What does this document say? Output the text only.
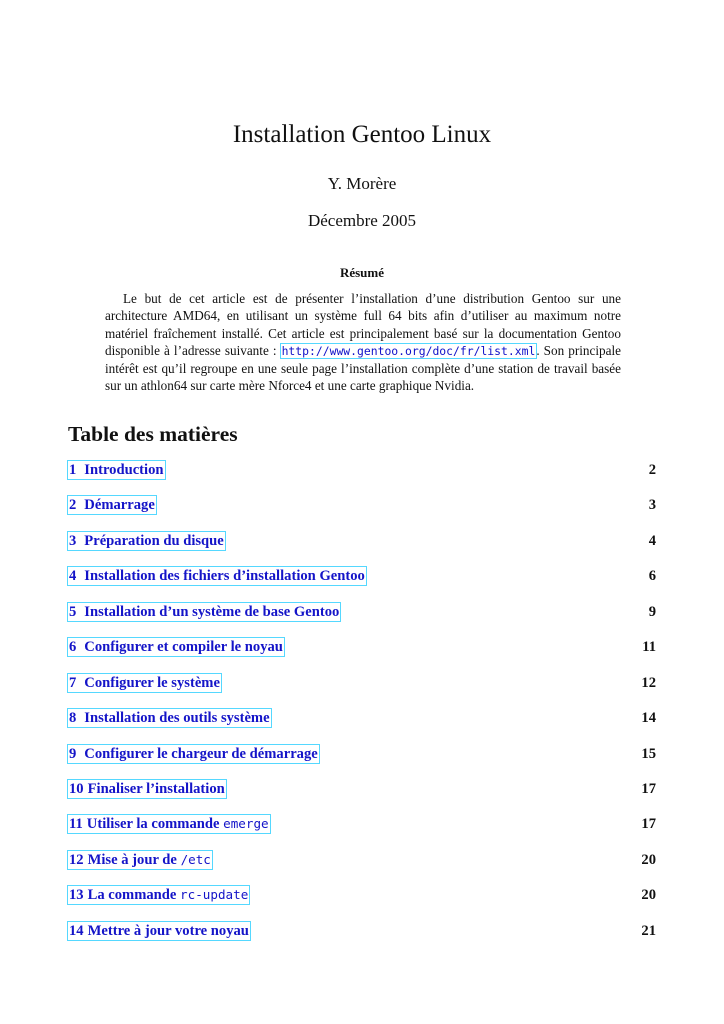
Installation Gentoo Linux
Y. Morère
Décembre 2005
Résumé

Le but de cet article est de présenter l’installation d’une distribution Gentoo sur une architecture AMD64, en utilisant un système full 64 bits afin d’utiliser au maximum notre matériel fraîchement installé. Cet article est principalement basé sur la documentation Gentoo disponible à l’adresse suivante : http://www.gentoo.org/doc/fr/list.xml. Son principale intérêt est qu’il regroupe en une seule page l’installation complète d’une station de travail basée sur un athlon64 sur carte mère Nforce4 et une carte graphique Nvidia.

Table des matières
1 Introduction	2
2 Démarrage	3
3 Préparation du disque	4
4 Installation des fichiers d’installation Gentoo	6
5 Installation d’un système de base Gentoo	9
6 Configurer et compiler le noyau	11
7 Configurer le système	12
8 Installation des outils système	14
9 Configurer le chargeur de démarrage	15
10 Finaliser l’installation	17
11 Utiliser la commande emerge	17
12 Mise à jour de /etc	20
13 La commande rc-update	20
14 Mettre à jour votre noyau	21
